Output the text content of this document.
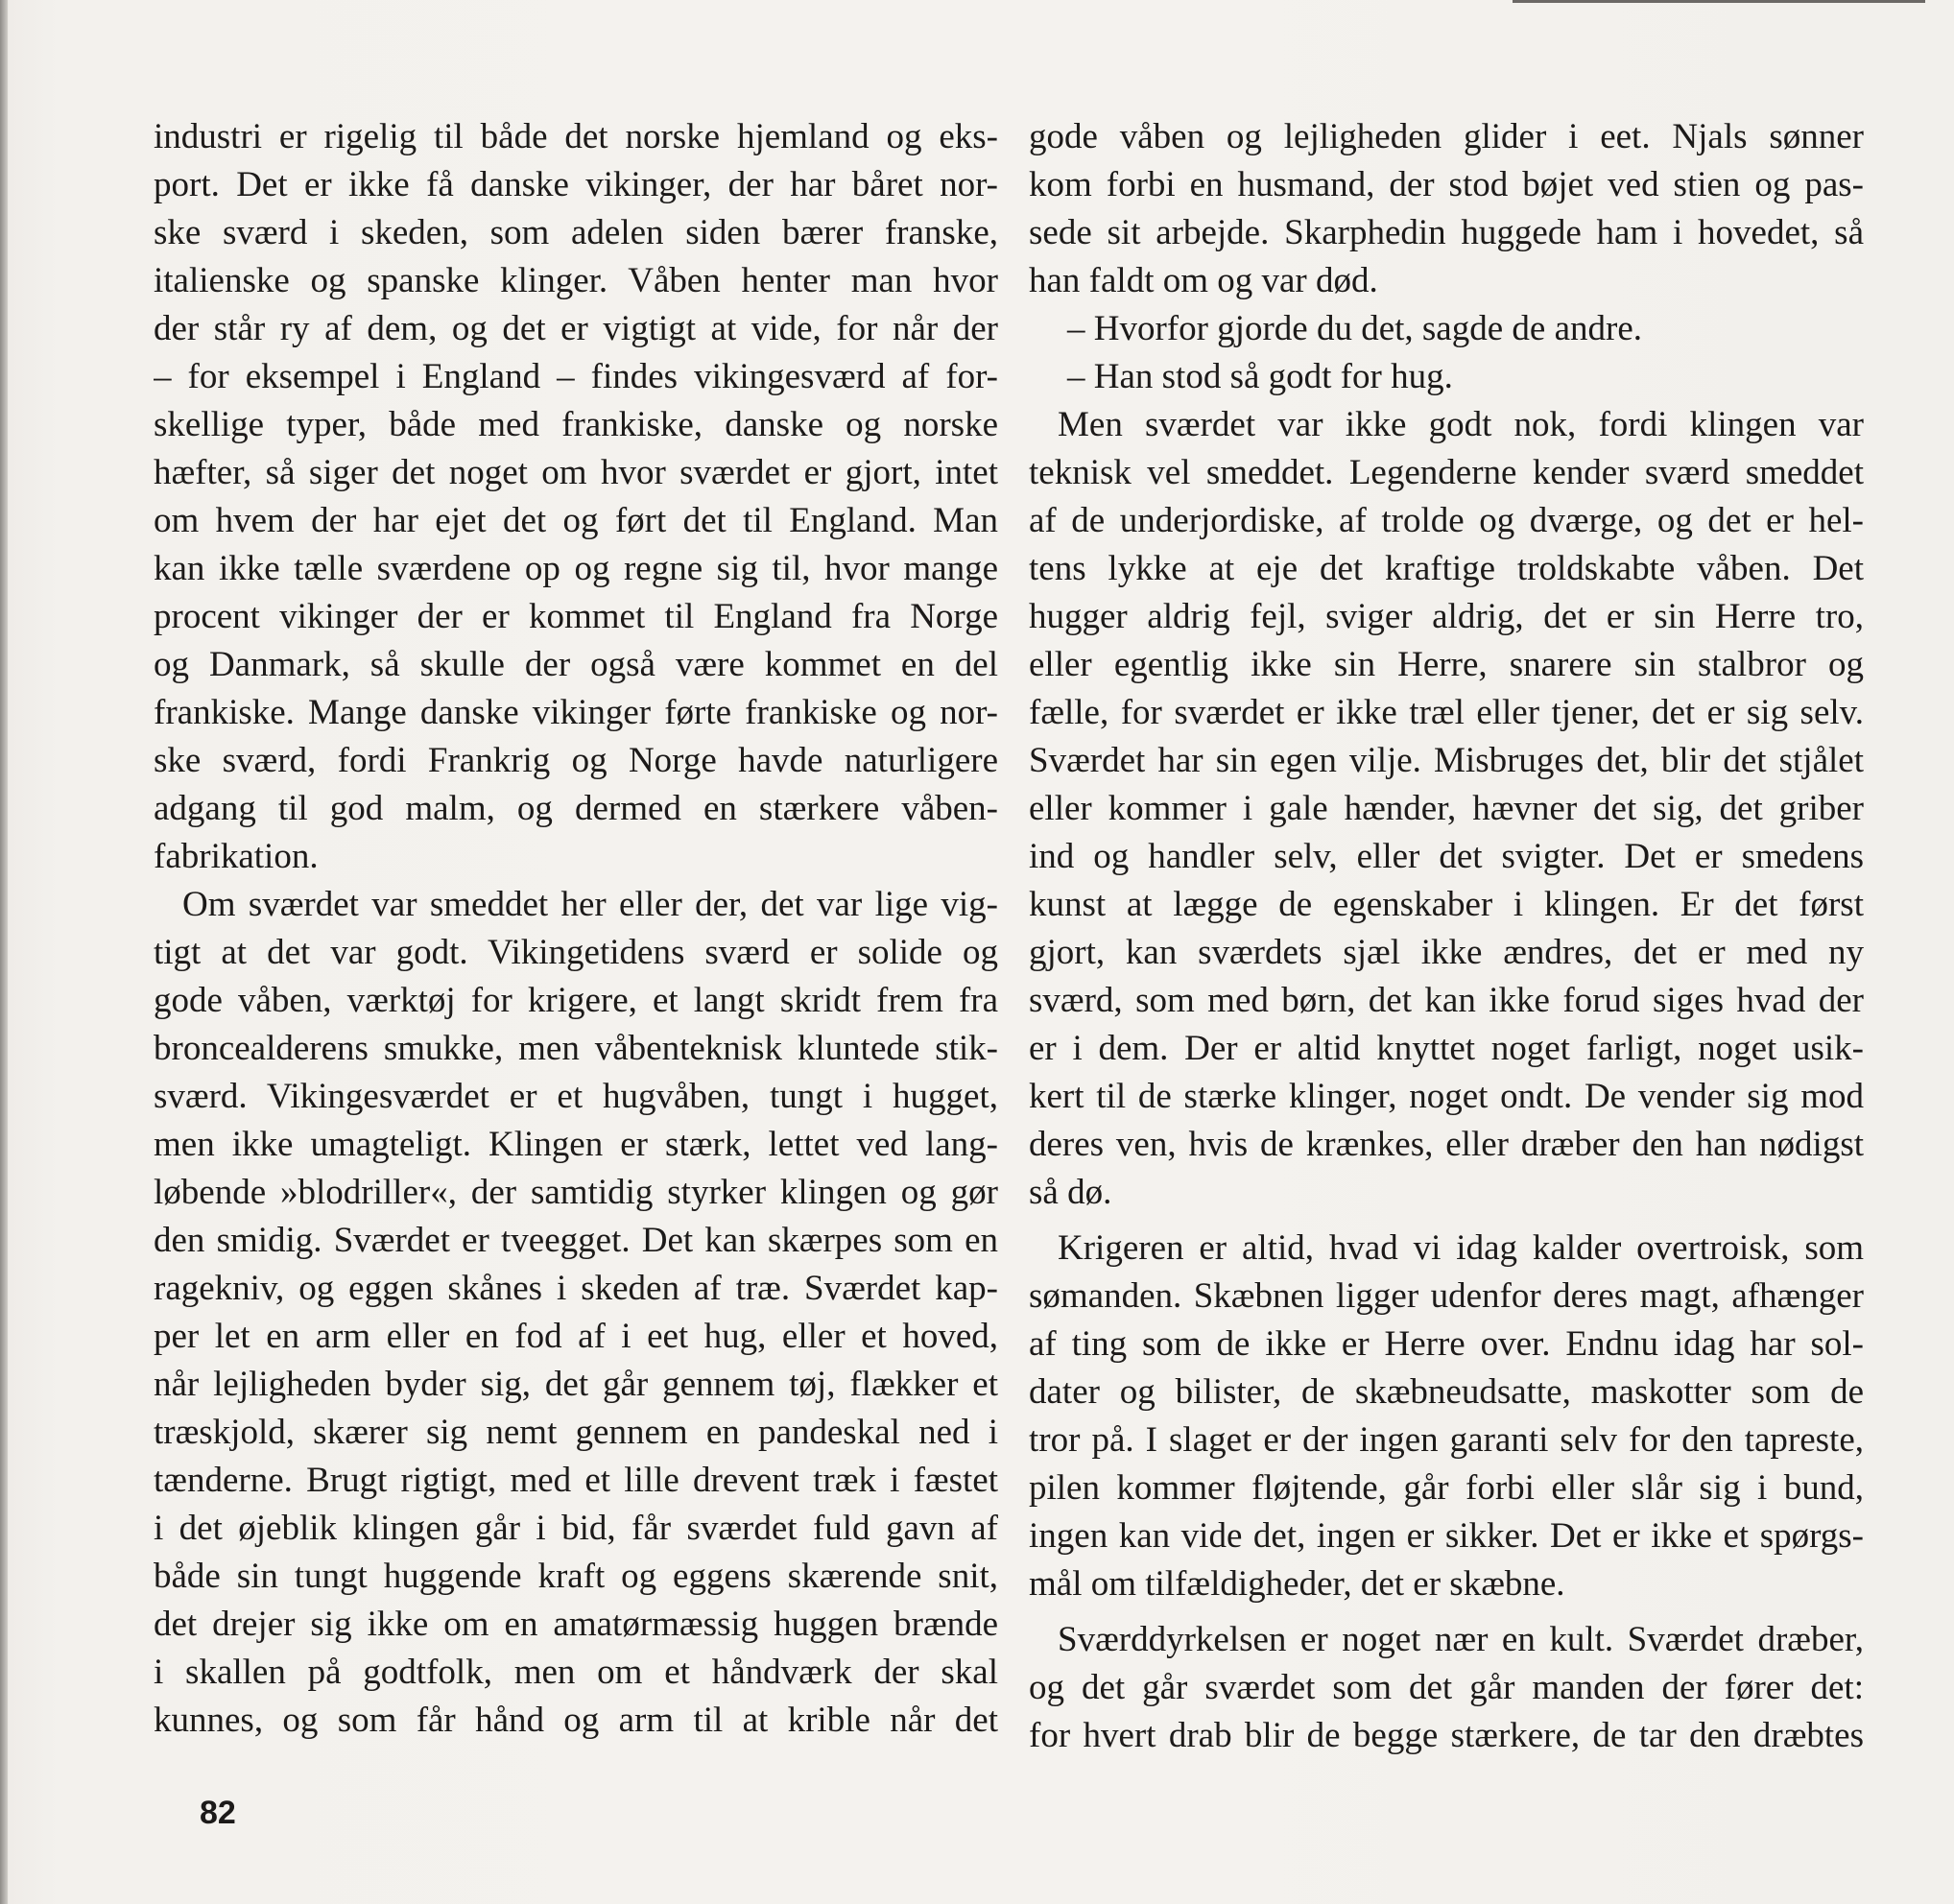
industri er rigelig til både det norske hjemland og eks-

port. Det er ikke få danske vikinger, der har båret nor-

ske sværd i skeden, som adelen siden bærer franske,

italienske og spanske klinger. Våben henter man hvor

der står ry af dem, og det er vigtigt at vide, for når der

– for eksempel i England – findes vikingesværd af for-

skellige typer, både med frankiske, danske og norske

hæfter, så siger det noget om hvor sværdet er gjort, intet

om hvem der har ejet det og ført det til England. Man

kan ikke tælle sværdene op og regne sig til, hvor mange

procent vikinger der er kommet til England fra Norge

og Danmark, så skulle der også være kommet en del

frankiske. Mange danske vikinger førte frankiske og nor-

ske sværd, fordi Frankrig og Norge havde naturligere

adgang til god malm, og dermed en stærkere våben-

fabrikation.

Om sværdet var smeddet her eller der, det var lige vig-

tigt at det var godt. Vikingetidens sværd er solide og

gode våben, værktøj for krigere, et langt skridt frem fra

broncealderens smukke, men våbenteknisk kluntede stik-

sværd. Vikingesværdet er et hugvåben, tungt i hugget,

men ikke umagteligt. Klingen er stærk, lettet ved lang-

løbende »blodriller«, der samtidig styrker klingen og gør

den smidig. Sværdet er tveegget. Det kan skærpes som en

ragekniv, og eggen skånes i skeden af træ. Sværdet kap-

per let en arm eller en fod af i eet hug, eller et hoved,

når lejligheden byder sig, det går gennem tøj, flækker et

træskjold, skærer sig nemt gennem en pandeskal ned i

tænderne. Brugt rigtigt, med et lille drevent træk i fæstet

i det øjeblik klingen går i bid, får sværdet fuld gavn af

både sin tungt huggende kraft og eggens skærende snit,

det drejer sig ikke om en amatørmæssig huggen brænde

i skallen på godtfolk, men om et håndværk der skal

kunnes, og som får hånd og arm til at krible når det

gode våben og lejligheden glider i eet. Njals sønner

kom forbi en husmand, der stod bøjet ved stien og pas-

sede sit arbejde. Skarphedin huggede ham i hovedet, så

han faldt om og var død.

– Hvorfor gjorde du det, sagde de andre.

– Han stod så godt for hug.

Men sværdet var ikke godt nok, fordi klingen var

teknisk vel smeddet. Legenderne kender sværd smeddet

af de underjordiske, af trolde og dværge, og det er hel-

tens lykke at eje det kraftige troldskabte våben. Det

hugger aldrig fejl, sviger aldrig, det er sin Herre tro,

eller egentlig ikke sin Herre, snarere sin stalbror og

fælle, for sværdet er ikke træl eller tjener, det er sig selv.

Sværdet har sin egen vilje. Misbruges det, blir det stjålet

eller kommer i gale hænder, hævner det sig, det griber

ind og handler selv, eller det svigter. Det er smedens

kunst at lægge de egenskaber i klingen. Er det først

gjort, kan sværdets sjæl ikke ændres, det er med ny

sværd, som med børn, det kan ikke forud siges hvad der

er i dem. Der er altid knyttet noget farligt, noget usik-

kert til de stærke klinger, noget ondt. De vender sig mod

deres ven, hvis de krænkes, eller dræber den han nødigst

så dø.

Krigeren er altid, hvad vi idag kalder overtroisk, som

sømanden. Skæbnen ligger udenfor deres magt, afhænger

af ting som de ikke er Herre over. Endnu idag har sol-

dater og bilister, de skæbneudsatte, maskotter som de

tror på. I slaget er der ingen garanti selv for den tapreste,

pilen kommer fløjtende, går forbi eller slår sig i bund,

ingen kan vide det, ingen er sikker. Det er ikke et spørgs-

mål om tilfældigheder, det er skæbne.

Sværddyrkelsen er noget nær en kult. Sværdet dræber,

og det går sværdet som det går manden der fører det:

for hvert drab blir de begge stærkere, de tar den dræbtes

82
